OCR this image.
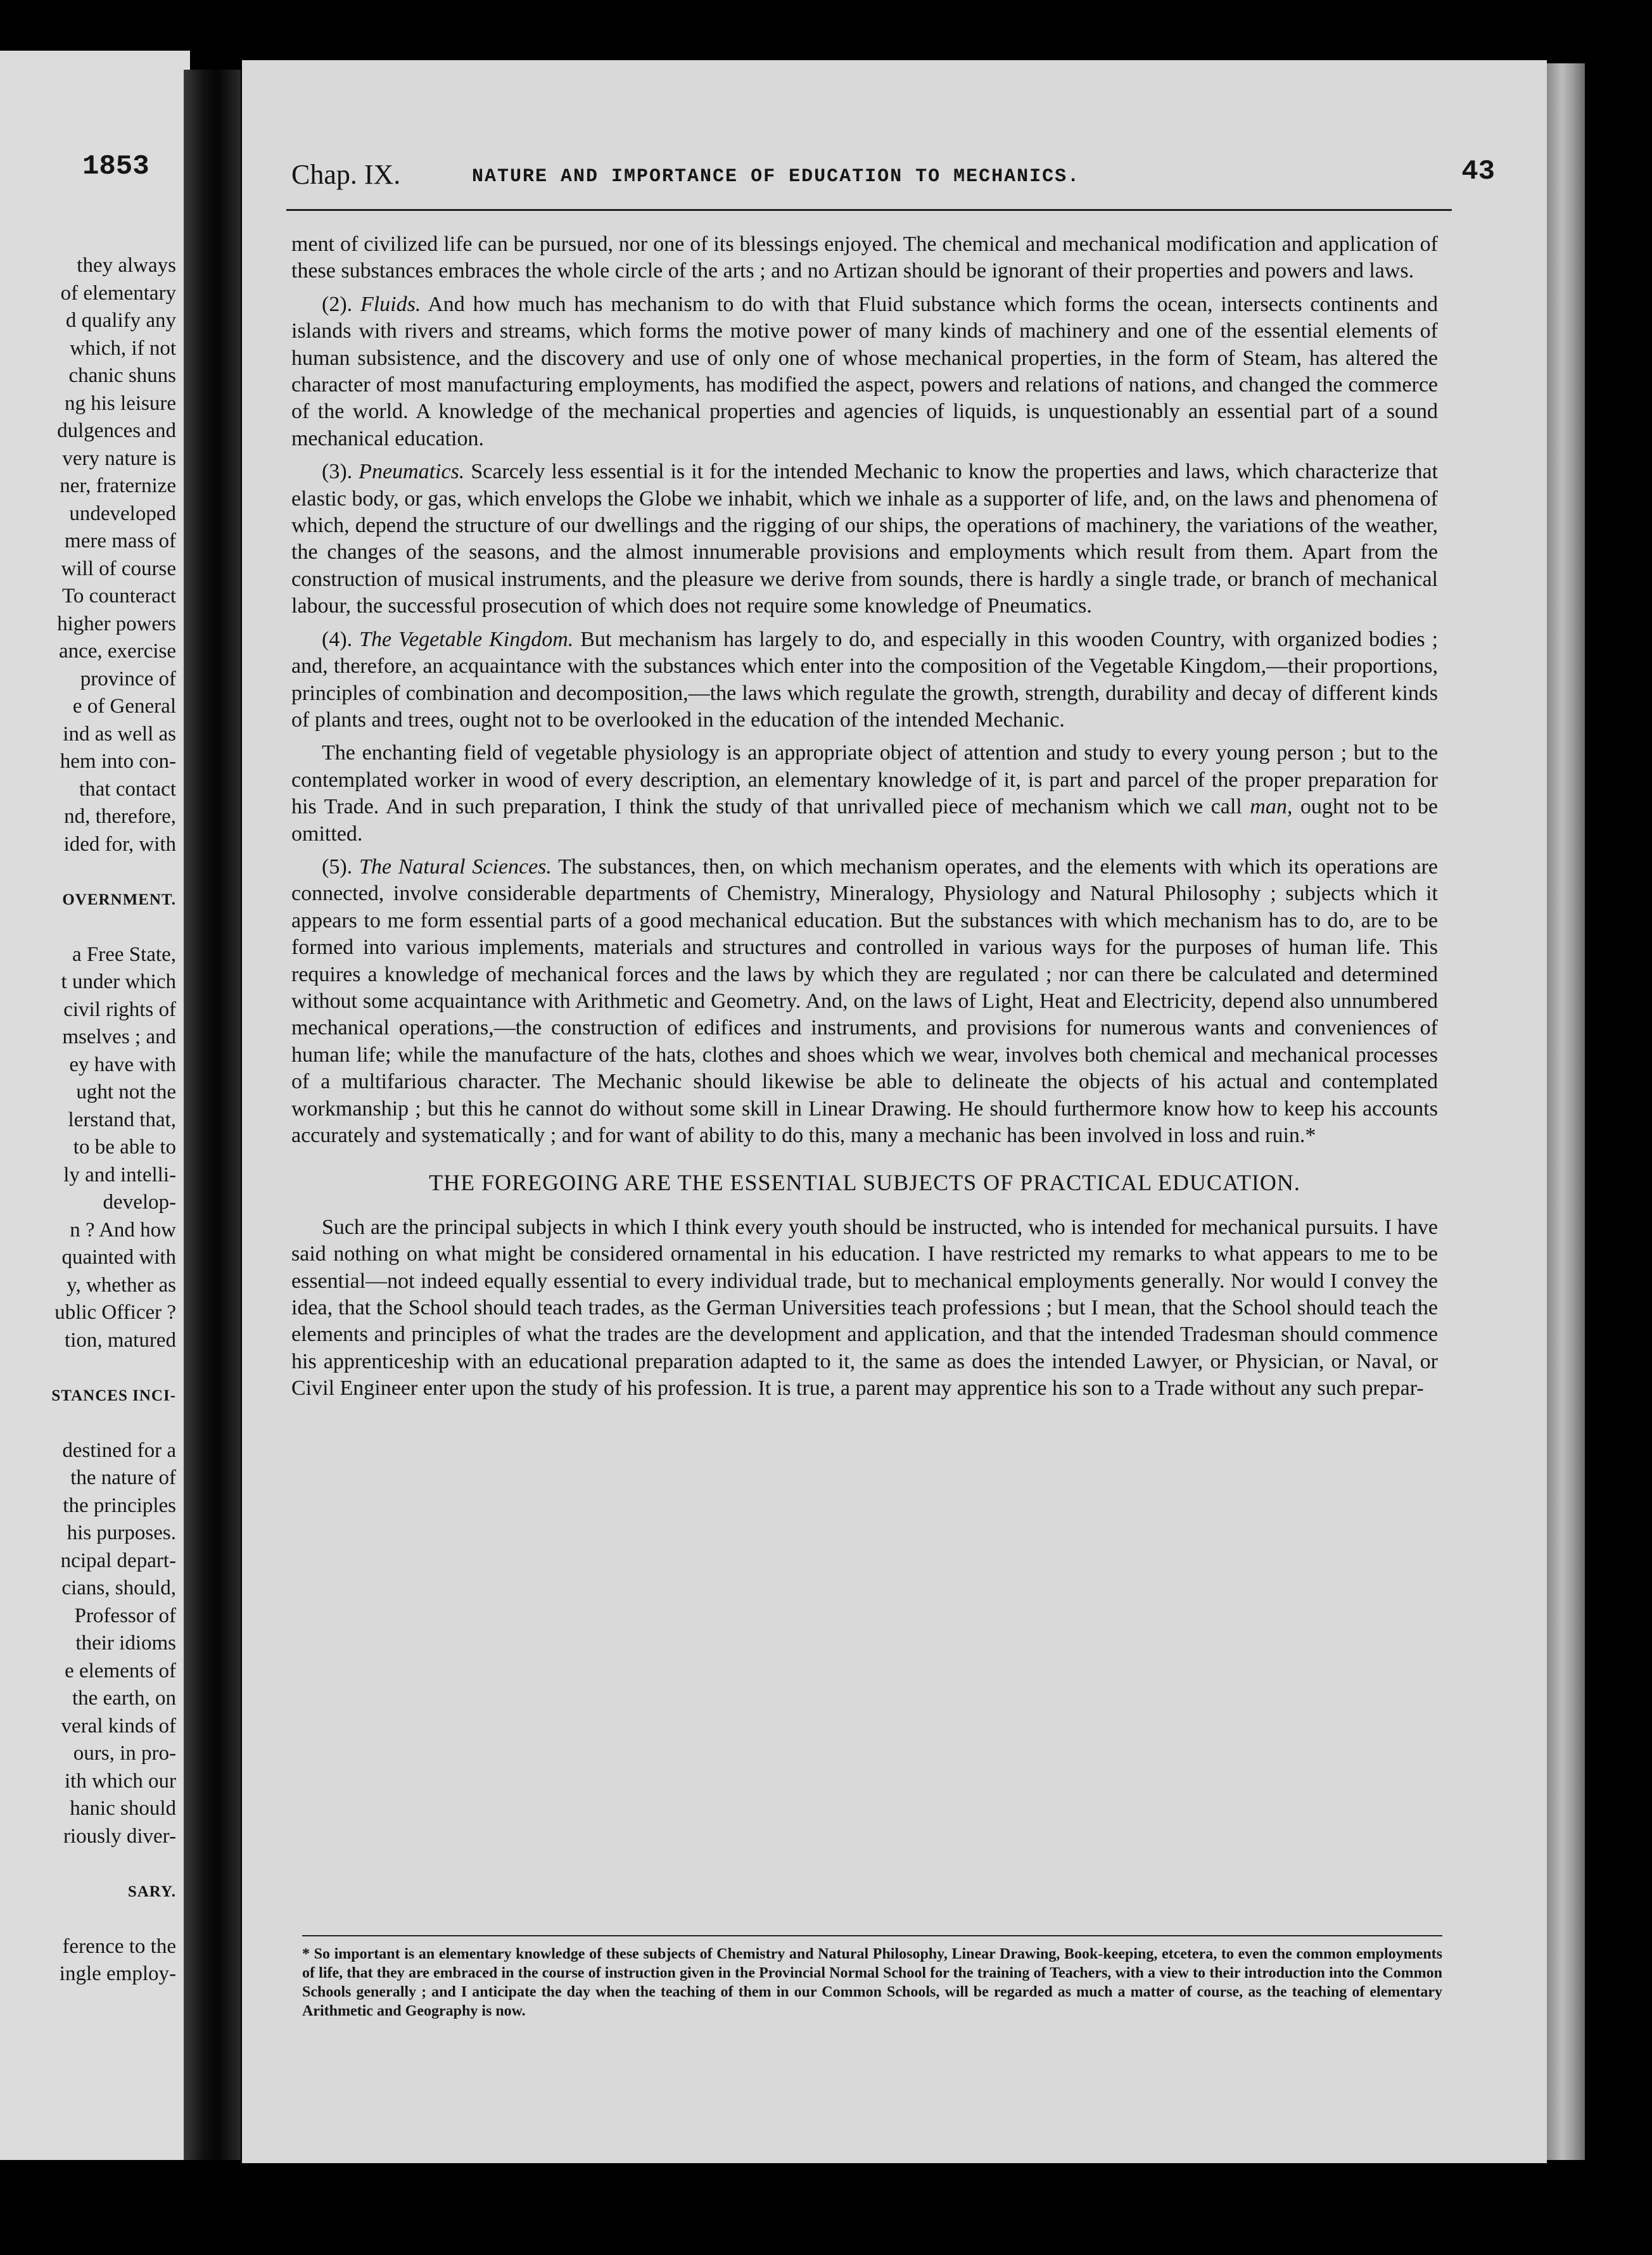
1853
they always
of elementary
d qualify any
which, if not
chanic shuns
ng his leisure
dulgences and
very nature is
ner, fraternize
undeveloped
mere mass of
will of course
To counteract
higher powers
ance, exercise
province of
e of General
ind as well as
hem into con-
that contact
nd, therefore,
ided for, with

OVERNMENT.

a Free State,
t under which
civil rights of
mselves ; and
ey have with
ught not the
lerstand that,
to be able to
ly and intelli-
develop-
n ? And how
quainted with
y, whether as
ublic Officer ?
tion, matured

STANCES INCI-

destined for a
the nature of
the principles
his purposes.
ncipal depart-
cians, should,
Professor of
their idioms
e elements of
the earth, on
veral kinds of
ours, in pro-
ith which our
hanic should
riously diver-

SARY.

ference to the
ingle employ-
Chap. IX.	NATURE AND IMPORTANCE OF EDUCATION TO MECHANICS.	43

ment of civilized life can be pursued, nor one of its blessings enjoyed. The chemical and mechanical modification and application of these substances embraces the whole circle of the arts ; and no Artizan should be ignorant of their properties and powers and laws.

(2). Fluids. And how much has mechanism to do with that Fluid substance which forms the ocean, intersects continents and islands with rivers and streams, which forms the motive power of many kinds of machinery and one of the essential elements of human subsistence, and the discovery and use of only one of whose mechanical properties, in the form of Steam, has altered the character of most manufacturing employments, has modified the aspect, powers and relations of nations, and changed the commerce of the world. A knowledge of the mechanical properties and agencies of liquids, is unquestionably an essential part of a sound mechanical education.

(3). Pneumatics. Scarcely less essential is it for the intended Mechanic to know the properties and laws, which characterize that elastic body, or gas, which envelops the Globe we inhabit, which we inhale as a supporter of life, and, on the laws and phenomena of which, depend the structure of our dwellings and the rigging of our ships, the operations of machinery, the variations of the weather, the changes of the seasons, and the almost innumerable provisions and employments which result from them. Apart from the construction of musical instruments, and the pleasure we derive from sounds, there is hardly a single trade, or branch of mechanical labour, the successful prosecution of which does not require some knowledge of Pneumatics.

(4). The Vegetable Kingdom. But mechanism has largely to do, and especially in this wooden Country, with organized bodies ; and, therefore, an acquaintance with the substances which enter into the composition of the Vegetable Kingdom,—their proportions, principles of combination and decomposition,—the laws which regulate the growth, strength, durability and decay of different kinds of plants and trees, ought not to be overlooked in the education of the intended Mechanic.

The enchanting field of vegetable physiology is an appropriate object of attention and study to every young person ; but to the contemplated worker in wood of every description, an elementary knowledge of it, is part and parcel of the proper preparation for his Trade. And in such preparation, I think the study of that unrivalled piece of mechanism which we call man, ought not to be omitted.

(5). The Natural Sciences. The substances, then, on which mechanism operates, and the elements with which its operations are connected, involve considerable departments of Chemistry, Mineralogy, Physiology and Natural Philosophy ; subjects which it appears to me form essential parts of a good mechanical education. But the substances with which mechanism has to do, are to be formed into various implements, materials and structures and controlled in various ways for the purposes of human life. This requires a knowledge of mechanical forces and the laws by which they are regulated ; nor can there be calculated and determined without some acquaintance with Arithmetic and Geometry. And, on the laws of Light, Heat and Electricity, depend also unnumbered mechanical operations,—the construction of edifices and instruments, and provisions for numerous wants and conveniences of human life; while the manufacture of the hats, clothes and shoes which we wear, involves both chemical and mechanical processes of a multifarious character. The Mechanic should likewise be able to delineate the objects of his actual and contemplated workmanship ; but this he cannot do without some skill in Linear Drawing. He should furthermore know how to keep his accounts accurately and systematically ; and for want of ability to do this, many a mechanic has been involved in loss and ruin.*

THE FOREGOING ARE THE ESSENTIAL SUBJECTS OF PRACTICAL EDUCATION.

Such are the principal subjects in which I think every youth should be instructed, who is intended for mechanical pursuits. I have said nothing on what might be considered ornamental in his education. I have restricted my remarks to what appears to me to be essential—not indeed equally essential to every individual trade, but to mechanical employments generally. Nor would I convey the idea, that the School should teach trades, as the German Universities teach professions ; but I mean, that the School should teach the elements and principles of what the trades are the development and application, and that the intended Tradesman should commence his apprenticeship with an educational preparation adapted to it, the same as does the intended Lawyer, or Physician, or Naval, or Civil Engineer enter upon the study of his profession. It is true, a parent may apprentice his son to a Trade without any such prepar-

* So important is an elementary knowledge of these subjects of Chemistry and Natural Philosophy, Linear Drawing, Book-keeping, etcetera, to even the common employments of life, that they are embraced in the course of instruction given in the Provincial Normal School for the training of Teachers, with a view to their introduction into the Common Schools generally ; and I anticipate the day when the teaching of them in our Common Schools, will be regarded as much a matter of course, as the teaching of elementary Arithmetic and Geography is now.
